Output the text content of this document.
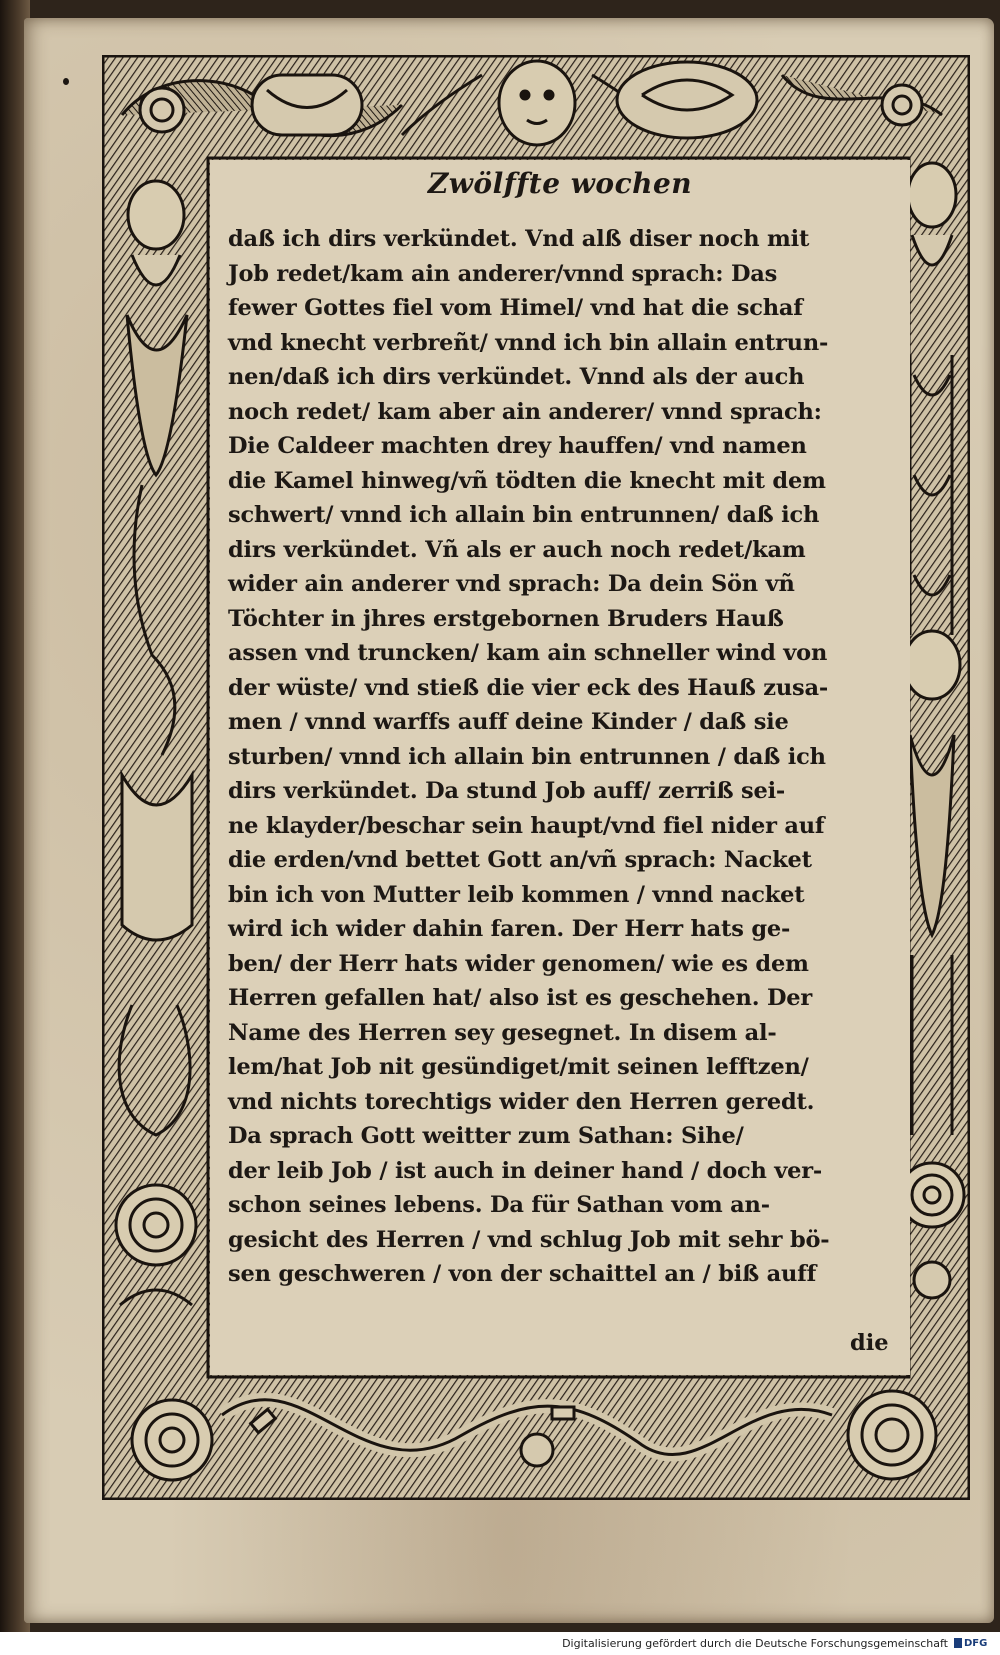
Zwölffte wochen
daß ich dirs verkündet. Vnd alß diser noch mit
Job redet/kam ain anderer/vnnd sprach: Das
fewer Gottes fiel vom Himel/ vnd hat die schaf
vnd knecht verbreñt/ vnnd ich bin allain entrun-
nen/daß ich dirs verkündet. Vnnd als der auch
noch redet/ kam aber ain anderer/ vnnd sprach:
Die Caldeer machten drey hauffen/ vnd namen
die Kamel hinweg/vñ tödten die knecht mit dem
schwert/ vnnd ich allain bin entrunnen/ daß ich
dirs verkündet. Vñ als er auch noch redet/kam
wider ain anderer vnd sprach: Da dein Sön vñ
Töchter in jhres erstgebornen Bruders Hauß
assen vnd truncken/ kam ain schneller wind von
der wüste/ vnd stieß die vier eck des Hauß zusa-
men / vnnd warffs auff deine Kinder / daß sie
sturben/ vnnd ich allain bin entrunnen / daß ich
dirs verkündet. Da stund Job auff/ zerriß sei-
ne klayder/beschar sein haupt/vnd fiel nider auf
die erden/vnd bettet Gott an/vñ sprach: Nacket
bin ich von Mutter leib kommen / vnnd nacket
wird ich wider dahin faren. Der Herr hats ge-
ben/ der Herr hats wider genomen/ wie es dem
Herren gefallen hat/ also ist es geschehen. Der
Name des Herren sey gesegnet. In disem al-
lem/hat Job nit gesündiget/mit seinen lefftzen/
vnd nichts torechtigs wider den Herren geredt.
Da sprach Gott weitter zum Sathan: Sihe/
der leib Job / ist auch in deiner hand / doch ver-
schon seines lebens. Da für Sathan vom an-
gesicht des Herren / vnd schlug Job mit sehr bö-
sen geschweren / von der schaittel an / biß auff
die
Digitalisierung gefördert durch die Deutsche Forschungsgemeinschaft DFG
